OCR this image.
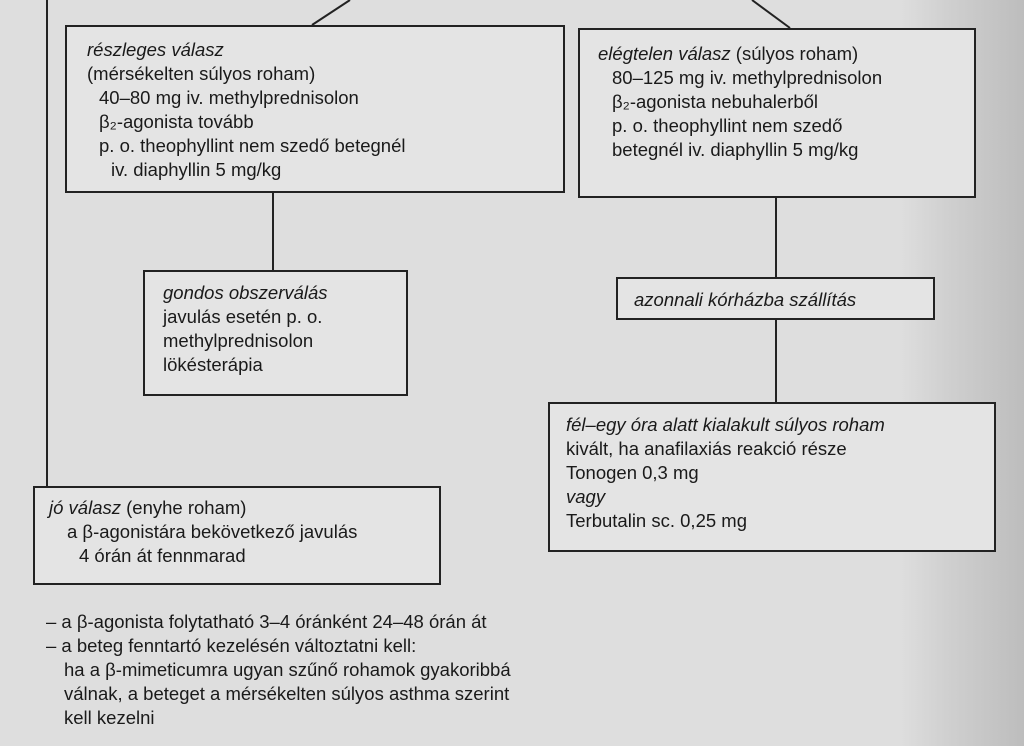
részleges válasz
(mérsékelten súlyos roham)
40–80 mg iv. methylprednisolon
β₂-agonista tovább
p. o. theophyllint nem szedő betegnél
iv. diaphyllin 5 mg/kg
elégtelen válasz (súlyos roham)
80–125 mg iv. methylprednisolon
β₂-agonista nebuhalerből
p. o. theophyllint nem szedő
betegnél iv. diaphyllin 5 mg/kg
gondos obszerválás
javulás esetén p. o.
methylprednisolon
lökésterápia
azonnali kórházba szállítás
fél–egy óra alatt kialakult súlyos roham
kivált, ha anafilaxiás reakció része
Tonogen 0,3 mg
vagy
Terbutalin sc. 0,25 mg
jó válasz (enyhe roham)
a β-agonistára bekövetkező javulás
4 órán át fennmarad
– a β-agonista folytatható 3–4 óránként 24–48 órán át
– a beteg fenntartó kezelésén változtatni kell:
ha a β-mimeticumra ugyan szűnő rohamok gyakoribbá
válnak, a beteget a mérsékelten súlyos asthma szerint
kell kezelni
